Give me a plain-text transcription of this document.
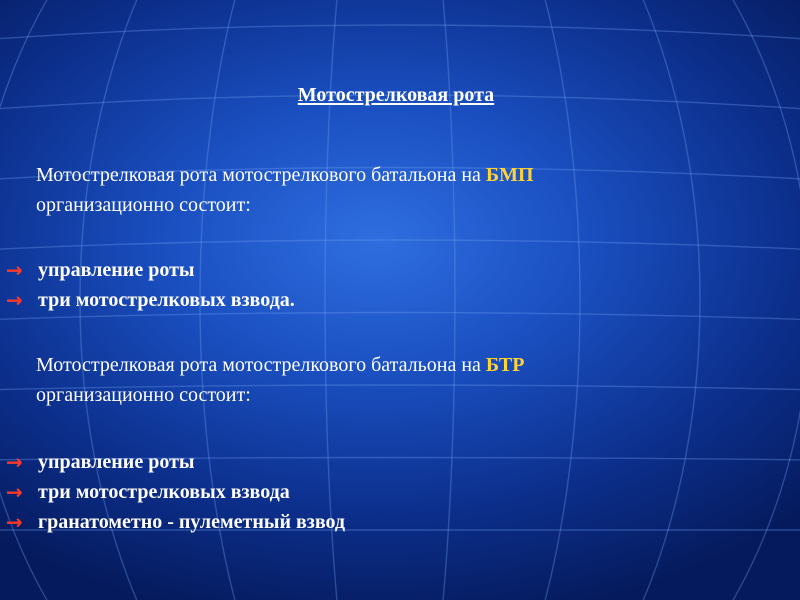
Мотострелковая рота
Мотострелковая рота мотострелкового батальона на БМП
организационно состоит:
→ управление роты
→ три мотострелковых взвода.
Мотострелковая рота мотострелкового батальона на БТР
организационно состоит:
→ управление роты
→ три мотострелковых взвода
→ гранатометно - пулеметный взвод
